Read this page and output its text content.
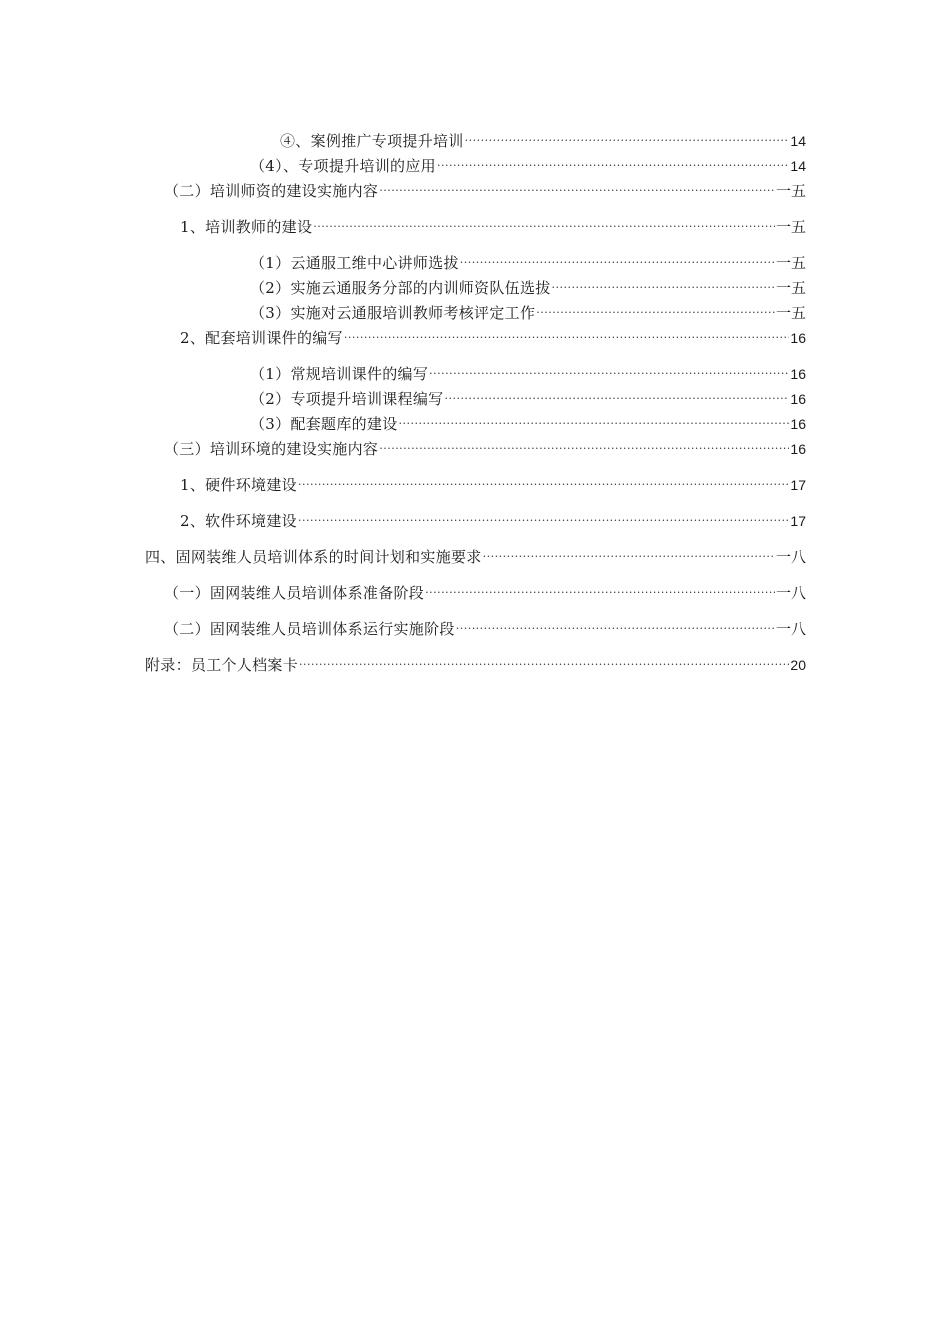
④、案例推广专项提升培训 .....	14
（4）、专项提升培训的应用 .....	14
（二）培训师资的建设实施内容 .....	一五
1、培训教师的建设 .....	一五
（1）云通服工维中心讲师选拔 .....	一五
（2）实施云通服务分部的内训师资队伍选拔 .....	一五
（3）实施对云通服培训教师考核评定工作 .....	一五
2、配套培训课件的编写 .....	16
（1）常规培训课件的编写 .....	16
（2）专项提升培训课程编写 .....	16
（3）配套题库的建设 .....	16
（三）培训环境的建设实施内容 .....	16
1、硬件环境建设 .....	17
2、软件环境建设 .....	17
四、固网装维人员培训体系的时间计划和实施要求 .....	一八
（一）固网装维人员培训体系准备阶段 .....	一八
（二）固网装维人员培训体系运行实施阶段 .....	一八
附录：员工个人档案卡 .....	20
